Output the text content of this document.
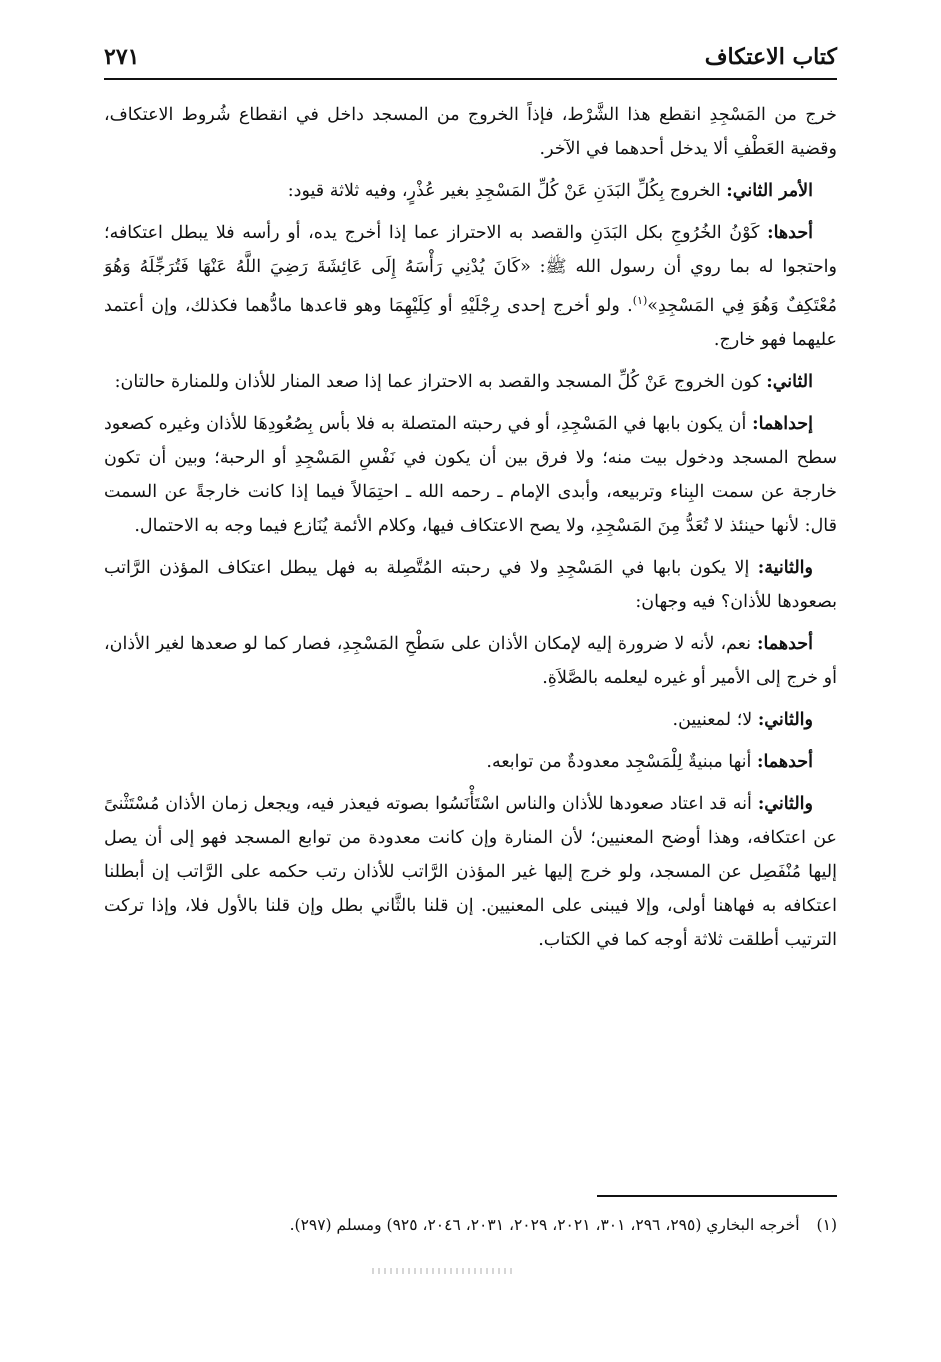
كتاب الاعتكاف
٢٧١

خرج من المَسْجِدِ انقطع هذا الشَّرْط، فإذاً الخروج من المسجد داخل في انقطاع شُروط الاعتكاف، وقضية العَطْفِ ألا يدخل أحدهما في الآخر.

الأمر الثاني: الخروج بِكُلِّ البَدَنِ عَنْ كُلِّ المَسْجِدِ بغير عُذْرٍ، وفيه ثلاثة قيود:

أحدها: كَوْنُ الخُرُوجِ بكل البَدَنِ والقصد به الاحتراز عما إذا أخرج يده، أو رأسه فلا يبطل اعتكافه؛ واحتجوا له بما روي أن رسول الله ﷺ: «كَانَ يُدْنِي رَأْسَهُ إِلَى عَائِشَةَ رَضِيَ اللَّهُ عَنْهَا فَتُرَجِّلَهُ وَهُوَ مُعْتَكِفٌ وَهُوَ فِي المَسْجِدِ»$^{(١)}$. ولو أخرج إحدى رِجْلَيْهِ أو كِلَيْهِمَا وهو قاعدها مادُّهما فكذلك، وإن أعتمد عليهما فهو خارج.

الثاني: كون الخروج عَنْ كُلِّ المسجد والقصد به الاحتراز عما إذا صعد المنار للأذان وللمنارة حالتان:

إحداهما: أن يكون بابها في المَسْجِدِ، أو في رحبته المتصلة به فلا بأس بِصُعُودِهَا للأذان وغيره كصعود سطح المسجد ودخول بيت منه؛ ولا فرق بين أن يكون في نَفْسِ المَسْجِدِ أو الرحبة؛ وبين أن تكون خارجة عن سمت البِناء وتربيعه، وأبدى الإمام ـ رحمه الله ـ احتِمَالاً فيما إذا كانت خارجةً عن السمت قال: لأنها حينئذ لا تُعَدُّ مِنَ المَسْجِدِ، ولا يصح الاعتكاف فيها، وكلام الأئمة يُنَازع فيما وجه به الاحتمال.

والثانية: إلا يكون بابها في المَسْجِدِ ولا في رحبته المُتَّصِلة به فهل يبطل اعتكاف المؤذن الرَّاتب بصعودها للأذان؟ فيه وجهان:

أحدهما: نعم، لأنه لا ضرورة إليه لإمكان الأذان على سَطْحِ المَسْجِدِ، فصار كما لو صعدها لغير الأذان، أو خرج إلى الأمير أو غيره ليعلمه بالصَّلاَةِ.

والثاني: لا؛ لمعنيين.

أحدهما: أنها مبنيةٌ لِلْمَسْجِد معدودةٌ من توابعه.

والثاني: أنه قد اعتاد صعودها للأذان والناس اسْتَأْنَسُوا بصوته فيعذر فيه، ويجعل زمان الأذان مُسْتَثْنىً عن اعتكافه، وهذا أوضح المعنيين؛ لأن المنارة وإن كانت معدودة من توابع المسجد فهو إلى أن يصل إليها مُنْفَصِل عن المسجد، ولو خرج إليها غير المؤذن الرَّاتب للأذان رتب حكمه على الرَّاتب إن أبطلنا اعتكافه به فهاهنا أولى، وإلا فيبنى على المعنيين. إن قلنا بالثَّاني بطل وإن قلنا بالأول فلا، وإذا تركت الترتيب أطلقت ثلاثة أوجه كما في الكتاب.

(١) أخرجه البخاري (٢٩٥، ٢٩٦، ٣٠١، ٢٠٢١، ٢٠٢٩، ٢٠٣١، ٢٠٤٦، ٩٢٥) ومسلم (٢٩٧).
